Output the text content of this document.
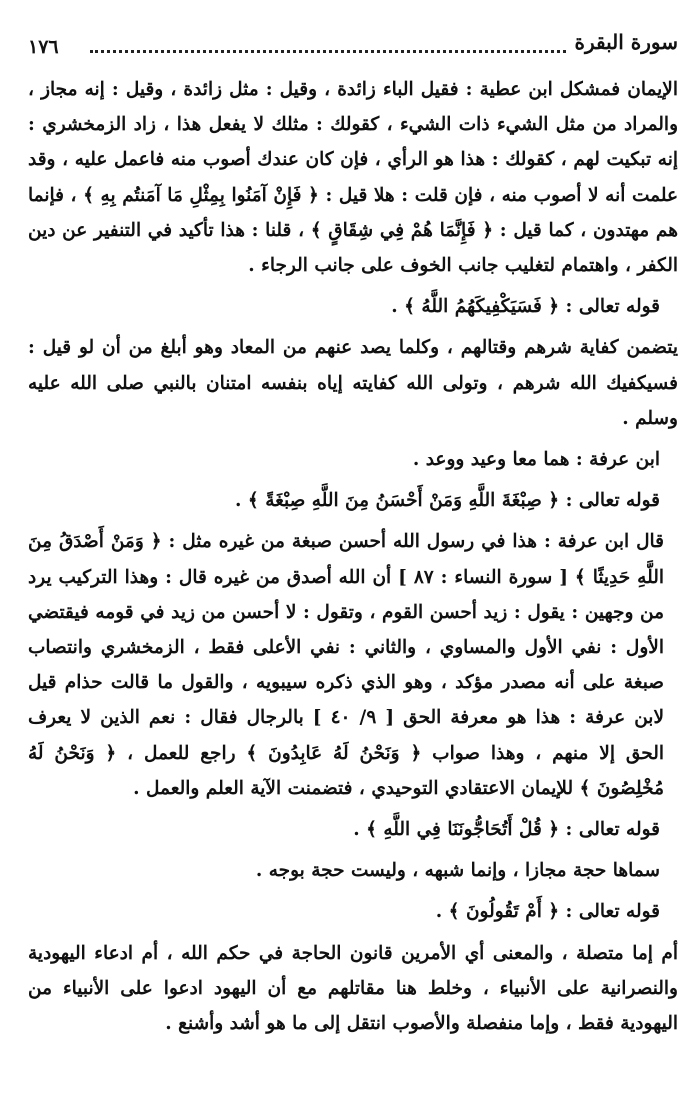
سورة البقرة
١٧٦

الإيمان فمشكل ابن عطية : فقيل الباء زائدة ، وقيل : مثل زائدة ، وقيل : إنه مجاز ، والمراد من مثل الشيء ذات الشيء ، كقولك : مثلك لا يفعل هذا ، زاد الزمخشري : إنه تبكيت لهم ، كقولك : هذا هو الرأي ، فإن كان عندك أصوب منه فاعمل عليه ، وقد علمت أنه لا أصوب منه ، فإن قلت : هلا قيل : ﴿ فَإِنْ آمَنُوا بِمِثْلِ مَا آمَنتُم بِهِ ﴾ ، فإنما هم مهتدون ، كما قيل : ﴿ فَإِنَّمَا هُمْ فِي شِقَاقٍ ﴾ ، قلنا : هذا تأكيد في التنفير عن دين الكفر ، واهتمام لتغليب جانب الخوف على جانب الرجاء .

قوله تعالى : ﴿ فَسَيَكْفِيكَهُمُ اللَّهُ ﴾ .

يتضمن كفاية شرهم وقتالهم ، وكلما يصد عنهم من المعاد وهو أبلغ من أن لو قيل : فسيكفيك الله شرهم ، وتولى الله كفايته إياه بنفسه امتنان بالنبي صلى الله عليه وسلم .

ابن عرفة : هما معا وعيد ووعد .

قوله تعالى : ﴿ صِبْغَةَ اللَّهِ وَمَنْ أَحْسَنُ مِنَ اللَّهِ صِبْغَةً ﴾ .

قال ابن عرفة : هذا في رسول الله أحسن صبغة من غيره مثل : ﴿ وَمَنْ أَصْدَقُ مِنَ اللَّهِ حَدِيثًا ﴾ [ سورة النساء : ٨٧ ] أن الله أصدق من غيره قال : وهذا التركيب يرد من وجهين : يقول : زيد أحسن القوم ، وتقول : لا أحسن من زيد في قومه فيقتضي الأول : نفي الأول والمساوي ، والثاني : نفي الأعلى فقط ، الزمخشري وانتصاب صبغة على أنه مصدر مؤكد ، وهو الذي ذكره سيبويه ، والقول ما قالت حذام قيل لابن عرفة : هذا هو معرفة الحق [ ٩/ ٤٠ ] بالرجال فقال : نعم الذين لا يعرف الحق إلا منهم ، وهذا صواب ﴿ وَنَحْنُ لَهُ عَابِدُونَ ﴾ راجع للعمل ، ﴿ وَنَحْنُ لَهُ مُخْلِصُونَ ﴾ للإيمان الاعتقادي التوحيدي ، فتضمنت الآية العلم والعمل .

قوله تعالى : ﴿ قُلْ أَتُحَاجُّونَنَا فِي اللَّهِ ﴾ .

سماها حجة مجازا ، وإنما شبهه ، وليست حجة بوجه .

قوله تعالى : ﴿ أَمْ تَقُولُونَ ﴾ .

أم إما متصلة ، والمعنى أي الأمرين قانون الحاجة في حكم الله ، أم ادعاء اليهودية والنصرانية على الأنبياء ، وخلط هنا مقاتلهم مع أن اليهود ادعوا على الأنبياء من اليهودية فقط ، وإما منفصلة والأصوب انتقل إلى ما هو أشد وأشنع .
